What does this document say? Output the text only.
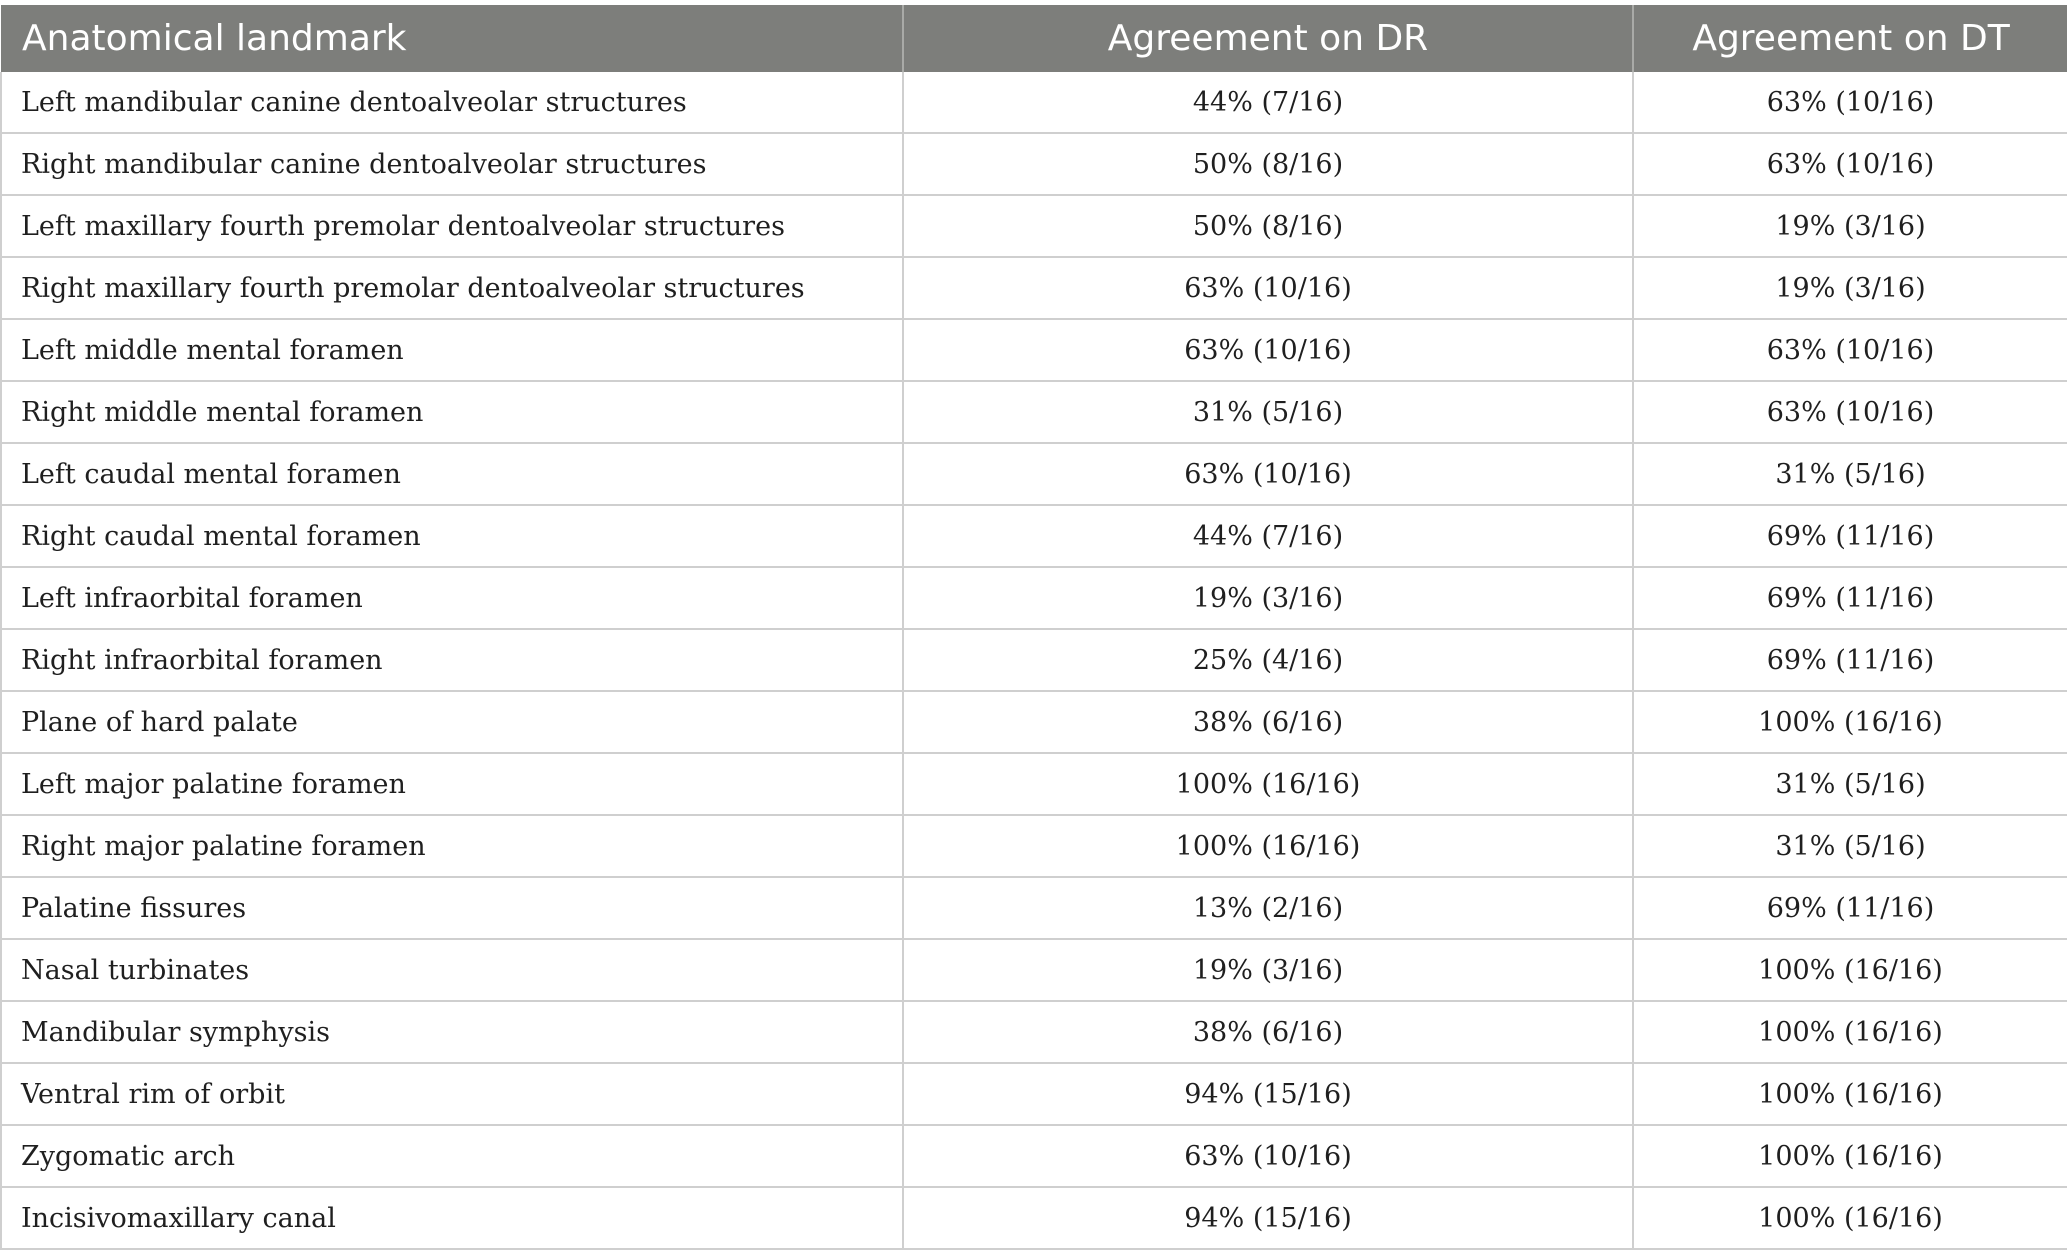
Anatomical landmark	Agreement on DR	Agreement on DT
Left mandibular canine dentoalveolar structures	44% (7/16)	63% (10/16)
Right mandibular canine dentoalveolar structures	50% (8/16)	63% (10/16)
Left maxillary fourth premolar dentoalveolar structures	50% (8/16)	19% (3/16)
Right maxillary fourth premolar dentoalveolar structures	63% (10/16)	19% (3/16)
Left middle mental foramen	63% (10/16)	63% (10/16)
Right middle mental foramen	31% (5/16)	63% (10/16)
Left caudal mental foramen	63% (10/16)	31% (5/16)
Right caudal mental foramen	44% (7/16)	69% (11/16)
Left infraorbital foramen	19% (3/16)	69% (11/16)
Right infraorbital foramen	25% (4/16)	69% (11/16)
Plane of hard palate	38% (6/16)	100% (16/16)
Left major palatine foramen	100% (16/16)	31% (5/16)
Right major palatine foramen	100% (16/16)	31% (5/16)
Palatine fissures	13% (2/16)	69% (11/16)
Nasal turbinates	19% (3/16)	100% (16/16)
Mandibular symphysis	38% (6/16)	100% (16/16)
Ventral rim of orbit	94% (15/16)	100% (16/16)
Zygomatic arch	63% (10/16)	100% (16/16)
Incisivomaxillary canal	94% (15/16)	100% (16/16)
